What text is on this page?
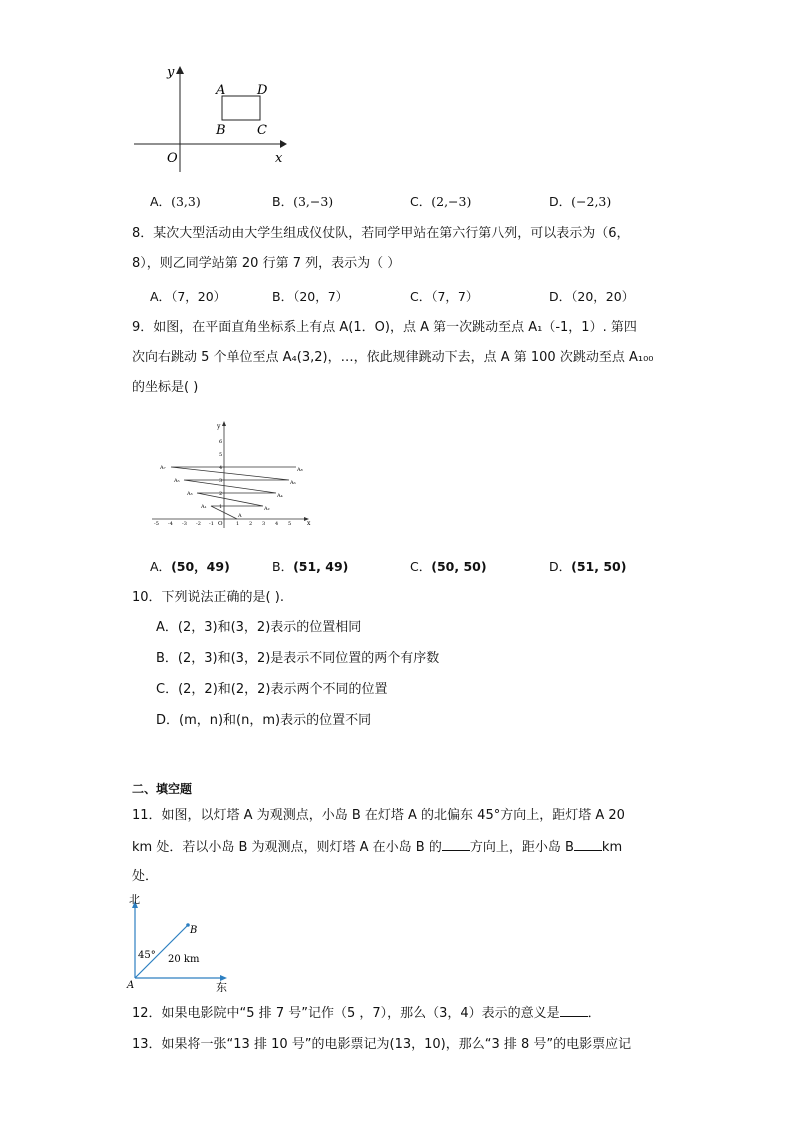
y
x
O
A D
B C
A．(3,3)	B．(3,−3)	C．(2,−3)	D．(−2,3)
8．某次大型活动由大学生组成仪仗队，若同学甲站在第六行第八列，可以表示为（6，
8），则乙同学站第 20 行第 7 列，表示为（ ）
A．（7，20）	B．（20，7）	C．（7，7）	D．（20，20）
9．如图，在平面直角坐标系上有点 A(1．O)，点 A 第一次跳动至点 A₁（-1，1）. 第四
次向右跳动 5 个单位至点 A₄(3,2)，…，依此规律跳动下去，点 A 第 100 次跳动至点 A₁₀₀
的坐标是( )
y
x
O
1
2
3
4
5
6
-5 -4 -3 -2 -1	1 2 3 4 5
A
A₁	A₂
A₃	A₄
A₅	A₆
A₇	A₈
A．(50，49)	B．(51, 49)	C．(50, 50)	D．(51, 50)
10．下列说法正确的是( ).
A．(2，3)和(3，2)表示的位置相同
B．(2，3)和(3，2)是表示不同位置的两个有序数
C．(2，2)和(2，2)表示两个不同的位置
D．(m，n)和(n，m)表示的位置不同
二、填空题
11．如图，以灯塔 A 为观测点，小岛 B 在灯塔 A 的北偏东 45°方向上，距灯塔 A 20
km 处．若以小岛 B 为观测点，则灯塔 A 在小岛 B 的 方向上，距小岛 B km
处．
北
东
A
B
45° 20 km
12．如果电影院中“5 排 7 号”记作（5 ，7），那么（3，4）表示的意义是 ．
13．如果将一张“13 排 10 号”的电影票记为(13，10)，那么“3 排 8 号”的电影票应记
